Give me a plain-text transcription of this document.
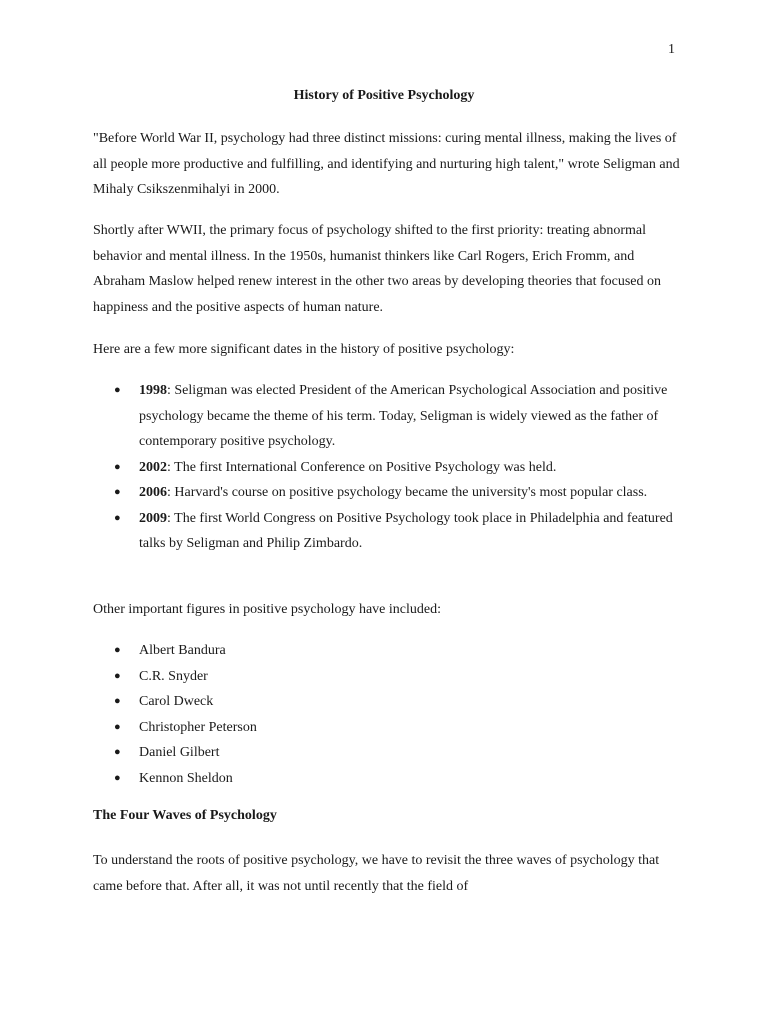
1
History of Positive Psychology

"Before World War II, psychology had three distinct missions: curing mental illness, making the lives of all people more productive and fulfilling, and identifying and nurturing high talent," wrote Seligman and Mihaly Csikszenmihalyi in 2000.

Shortly after WWII, the primary focus of psychology shifted to the first priority: treating abnormal behavior and mental illness. In the 1950s, humanist thinkers like Carl Rogers, Erich Fromm, and Abraham Maslow helped renew interest in the other two areas by developing theories that focused on happiness and the positive aspects of human nature.

Here are a few more significant dates in the history of positive psychology:

● 1998: Seligman was elected President of the American Psychological Association and positive psychology became the theme of his term. Today, Seligman is widely viewed as the father of contemporary positive psychology.
● 2002: The first International Conference on Positive Psychology was held.
● 2006: Harvard's course on positive psychology became the university's most popular class.
● 2009: The first World Congress on Positive Psychology took place in Philadelphia and featured talks by Seligman and Philip Zimbardo.

Other important figures in positive psychology have included:

● Albert Bandura
● C.R. Snyder
● Carol Dweck
● Christopher Peterson
● Daniel Gilbert
● Kennon Sheldon
The Four Waves of Psychology

To understand the roots of positive psychology, we have to revisit the three waves of psychology that came before that. After all, it was not until recently that the field of
